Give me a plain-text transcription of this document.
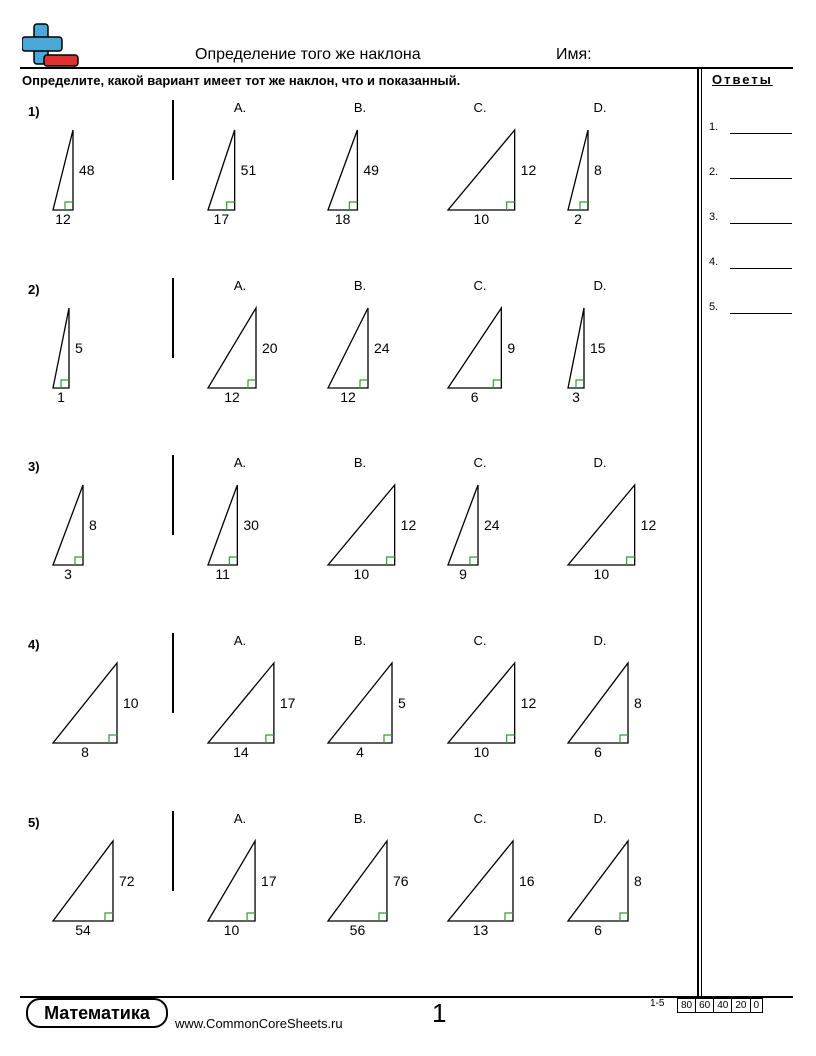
Определение того же наклона	Имя:
Определите, какой вариант имеет тот же наклон, что и показанный.	Ответы
1.
2.
3.
4.
5.
1)
48
12
A.
51
17
B.
49
18
C.
12
10
D.
8
2
2)
5
1
A.
20
12
B.
24
12
C.
9
6
D.
15
3
3)
8
3
A.
30
11
B.
12
10
C.
24
9
D.
12
10
4)
10
8
A.
17
14
B.
5
4
C.
12
10
D.
8
6
5)
72
54
A.
17
10
B.
76
56
C.
16
13
D.
8
6
Математика
www.CommonCoreSheets.ru	1	1-5	80 60 40 20 0
